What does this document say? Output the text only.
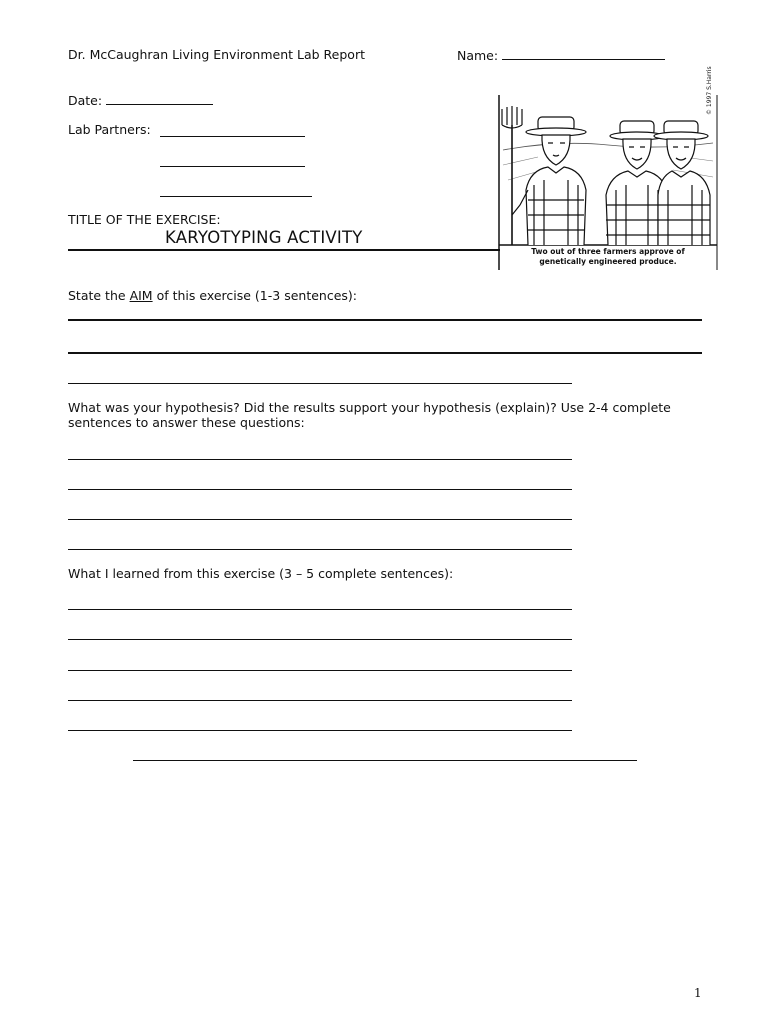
Dr. McCaughran Living Environment Lab Report	Name:
Date:
Lab Partners:
TITLE OF THE EXERCISE:
KARYOTYPING ACTIVITY
Two out of three farmers approve of
genetically engineered produce.
© 1997 S.Harris
State the AIM of this exercise (1-3 sentences):
What was your hypothesis? Did the results support your hypothesis (explain)? Use 2-4 complete
sentences to answer these questions:
What I learned from this exercise (3 – 5 complete sentences):
1
